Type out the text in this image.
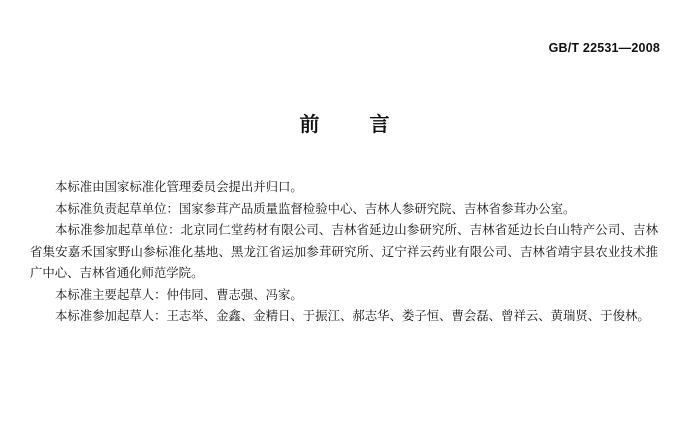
GB/T 22531—2008
前言

本标准由国家标准化管理委员会提出并归口。

本标准负责起草单位：国家参茸产品质量监督检验中心、吉林人参研究院、吉林省参茸办公室。

本标准参加起草单位：北京同仁堂药材有限公司、吉林省延边山参研究所、吉林省延边长白山特产公司、吉林省集安嘉禾国家野山参标准化基地、黑龙江省运加参茸研究所、辽宁祥云药业有限公司、吉林省靖宇县农业技术推广中心、吉林省通化师范学院。

本标准主要起草人：仲伟同、曹志强、冯家。

本标准参加起草人：王志举、金鑫、金精日、于振江、郝志华、娄子恒、曹会磊、曾祥云、黄瑞贤、于俊林。
